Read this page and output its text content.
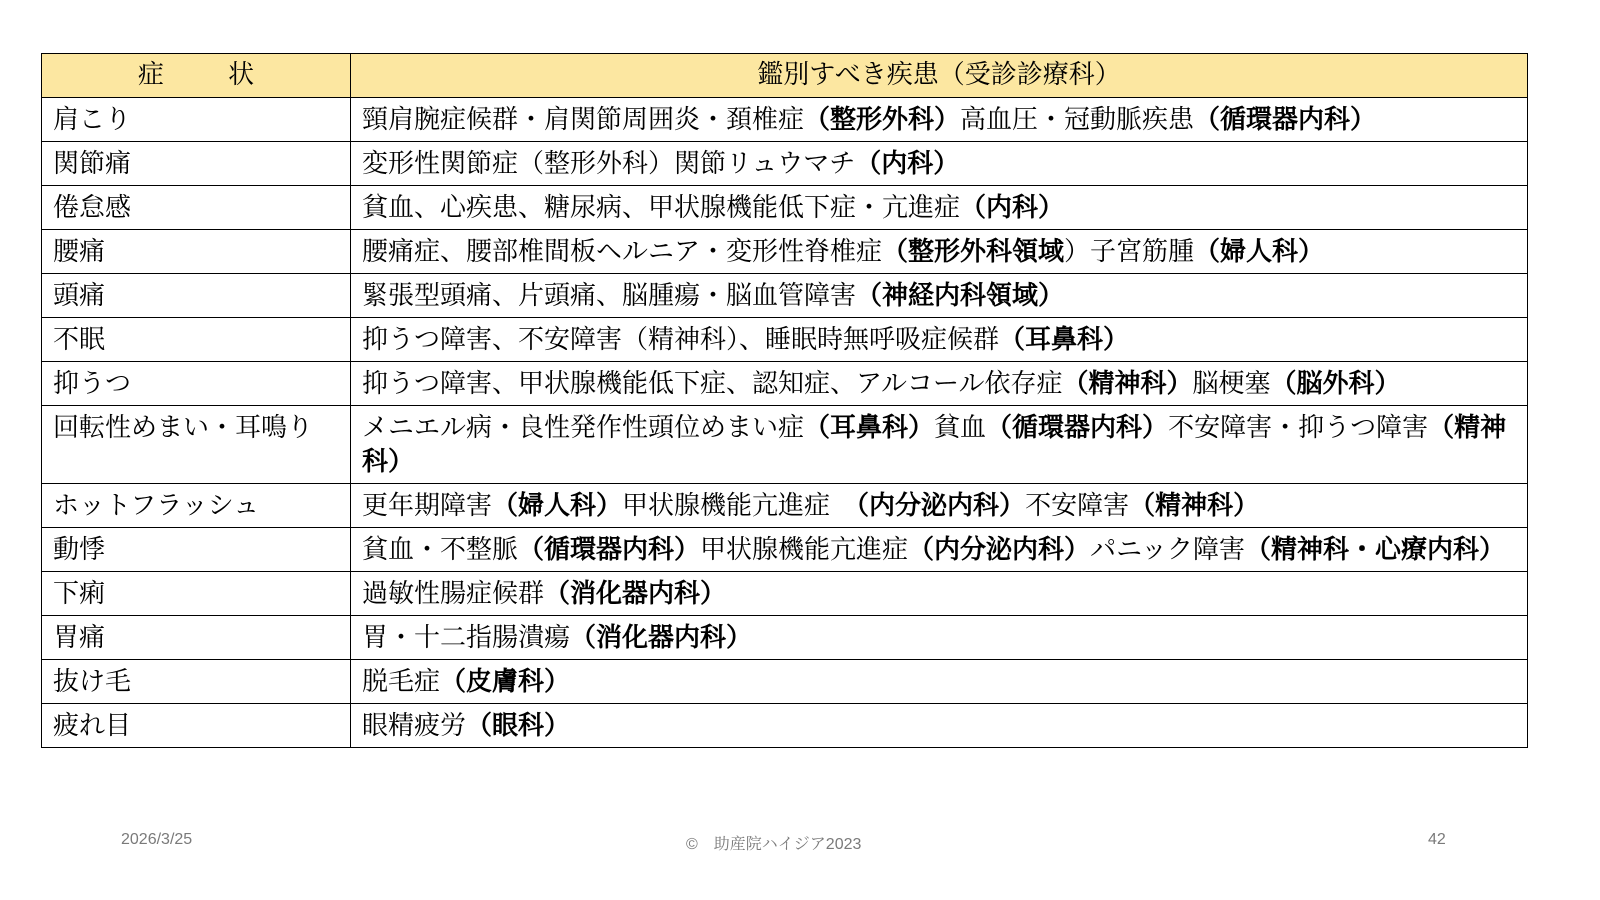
症 状	鑑別すべき疾患（受診診療科）
肩こり	頸肩腕症候群・肩関節周囲炎・頚椎症（整形外科）高血圧・冠動脈疾患（循環器内科）
関節痛	変形性関節症（整形外科）関節リュウマチ（内科）
倦怠感	貧血、心疾患、糖尿病、甲状腺機能低下症・亢進症（内科）
腰痛	腰痛症、腰部椎間板ヘルニア・変形性脊椎症（整形外科領域）子宮筋腫（婦人科）
頭痛	緊張型頭痛、片頭痛、脳腫瘍・脳血管障害（神経内科領域）
不眠	抑うつ障害、不安障害（精神科）、睡眠時無呼吸症候群（耳鼻科）
抑うつ	抑うつ障害、甲状腺機能低下症、認知症、アルコール依存症（精神科）脳梗塞（脳外科）
回転性めまい・耳鳴り	メニエル病・良性発作性頭位めまい症（耳鼻科）貧血（循環器内科）不安障害・抑うつ障害（精神科）
ホットフラッシュ	更年期障害（婦人科）甲状腺機能亢進症　（内分泌内科）不安障害（精神科）
動悸	貧血・不整脈（循環器内科）甲状腺機能亢進症（内分泌内科）パニック障害（精神科・心療内科）
下痢	過敏性腸症候群（消化器内科）
胃痛	胃・十二指腸潰瘍（消化器内科）
抜け毛	脱毛症（皮膚科）
疲れ目	眼精疲労（眼科）
2026/3/25	©　助産院ハイジア2023	42
